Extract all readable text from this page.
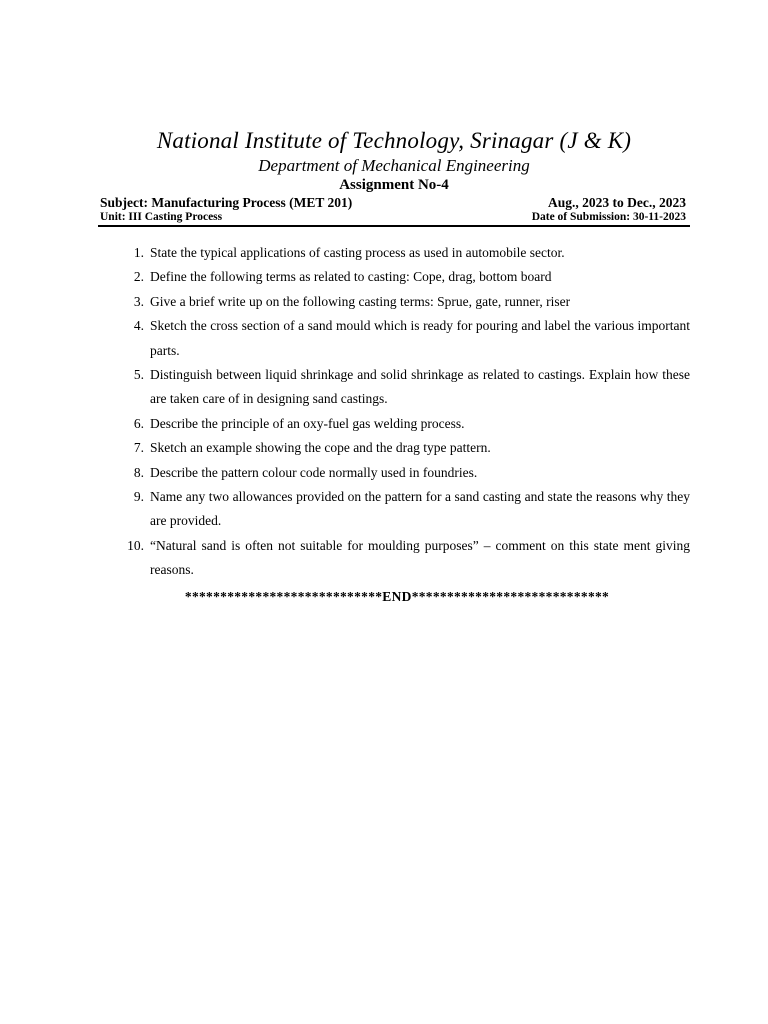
National Institute of Technology, Srinagar (J & K)
Department of Mechanical Engineering
Assignment No-4
Subject: Manufacturing Process (MET 201)	Aug., 2023 to Dec., 2023
Unit: III Casting Process	Date of Submission: 30-11-2023
1. State the typical applications of casting process as used in automobile sector.
2. Define the following terms as related to casting: Cope, drag, bottom board
3. Give a brief write up on the following casting terms: Sprue, gate, runner, riser
4. Sketch the cross section of a sand mould which is ready for pouring and label the various important parts.
5. Distinguish between liquid shrinkage and solid shrinkage as related to castings. Explain how these are taken care of in designing sand castings.
6. Describe the principle of an oxy-fuel gas welding process.
7. Sketch an example showing the cope and the drag type pattern.
8. Describe the pattern colour code normally used in foundries.
9. Name any two allowances provided on the pattern for a sand casting and state the reasons why they are provided.
10. “Natural sand is often not suitable for moulding purposes” – comment on this state ment giving reasons.
****************************END****************************
